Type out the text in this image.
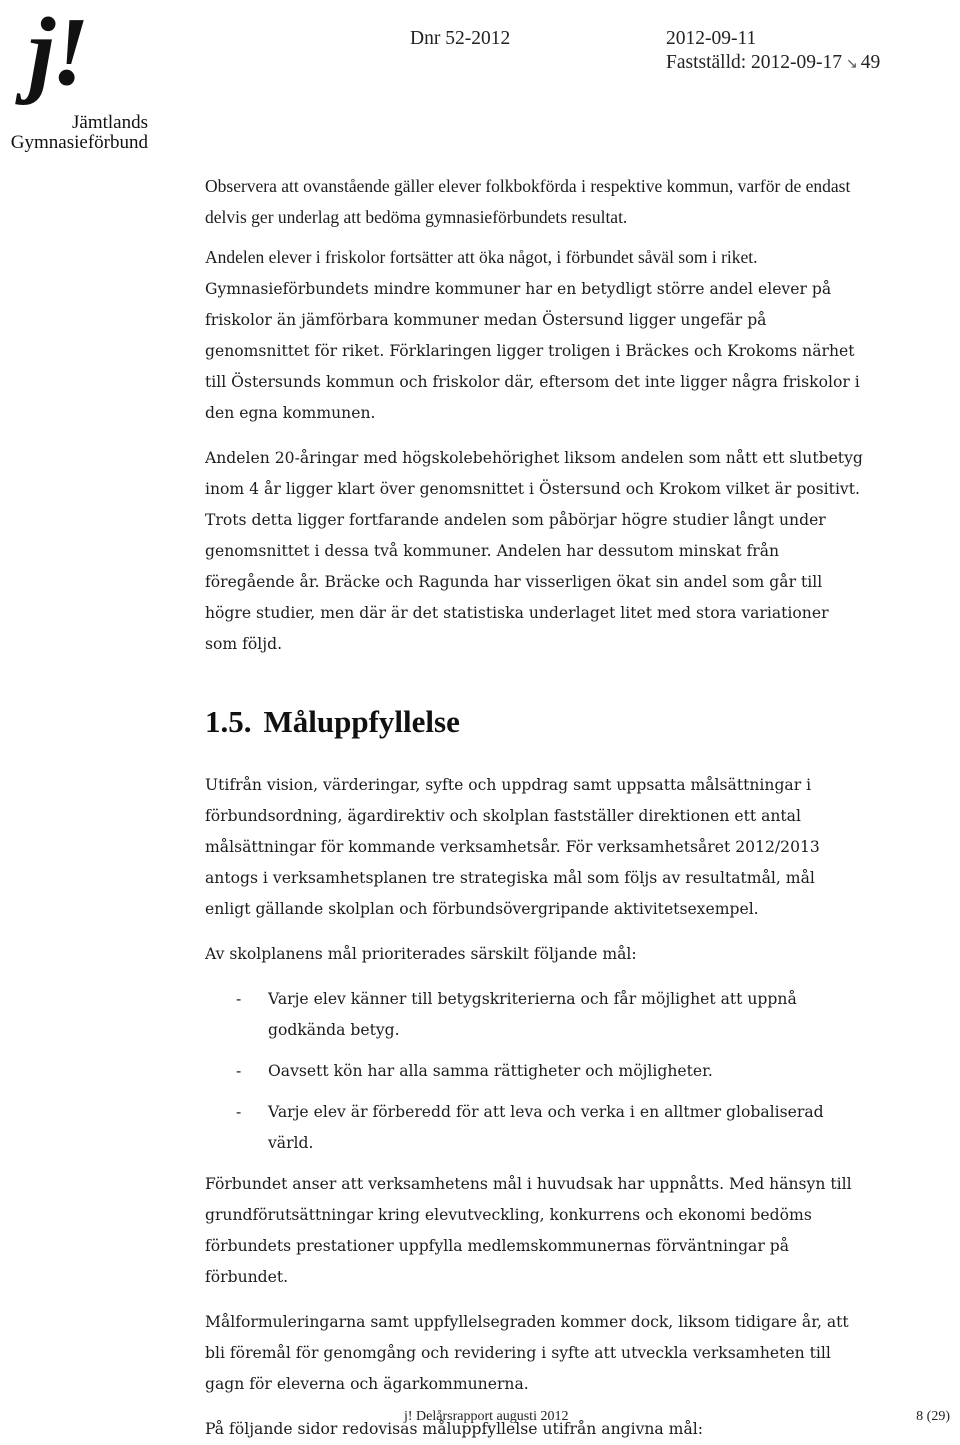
j!
Jämtlands
Gymnasieförbund
Dnr 52-2012	2012-09-11
Fastställd: 2012-09-17 ↘ 49

Observera att ovanstående gäller elever folkbokförda i respektive kommun, varför de endast delvis ger underlag att bedöma gymnasieförbundets resultat.

Andelen elever i friskolor fortsätter att öka något, i förbundet såväl som i riket. Gymnasieförbundets mindre kommuner har en betydligt större andel elever på friskolor än jämförbara kommuner medan Östersund ligger ungefär på genomsnittet för riket. Förklaringen ligger troligen i Bräckes och Krokoms närhet till Östersunds kommun och friskolor där, eftersom det inte ligger några friskolor i den egna kommunen.

Andelen 20-åringar med högskolebehörighet liksom andelen som nått ett slutbetyg inom 4 år ligger klart över genomsnittet i Östersund och Krokom vilket är positivt. Trots detta ligger fortfarande andelen som påbörjar högre studier långt under genomsnittet i dessa två kommuner. Andelen har dessutom minskat från föregående år. Bräcke och Ragunda har visserligen ökat sin andel som går till högre studier, men där är det statistiska underlaget litet med stora variationer som följd.

1.5. Måluppfyllelse

Utifrån vision, värderingar, syfte och uppdrag samt uppsatta målsättningar i förbundsordning, ägardirektiv och skolplan fastställer direktionen ett antal målsättningar för kommande verksamhetsår. För verksamhetsåret 2012/2013 antogs i verksamhetsplanen tre strategiska mål som följs av resultatmål, mål enligt gällande skolplan och förbundsövergripande aktivitetsexempel.

Av skolplanens mål prioriterades särskilt följande mål:

- Varje elev känner till betygskriterierna och får möjlighet att uppnå godkända betyg.
- Oavsett kön har alla samma rättigheter och möjligheter.
- Varje elev är förberedd för att leva och verka i en alltmer globaliserad värld.

Förbundet anser att verksamhetens mål i huvudsak har uppnåtts. Med hänsyn till grundförutsättningar kring elevutveckling, konkurrens och ekonomi bedöms förbundets prestationer uppfylla medlemskommunernas förväntningar på förbundet.

Målformuleringarna samt uppfyllelsegraden kommer dock, liksom tidigare år, att bli föremål för genomgång och revidering i syfte att utveckla verksamheten till gagn för eleverna och ägarkommunerna.

På följande sidor redovisas måluppfyllelse utifrån angivna mål:

j! Delårsrapport augusti 2012	8 (29)
